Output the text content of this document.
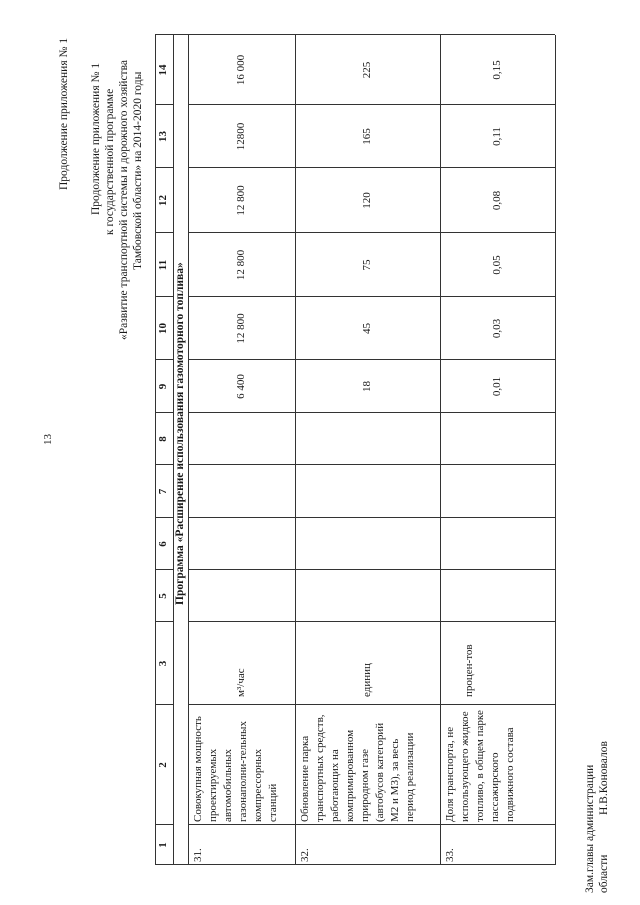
13
Продолжение приложения № 1 Продолжение приложения № 1 к государственной программе «Развитие транспортной системы и дорожного хозяйства Тамбовской области» на 2014-2020 годы
1
2
3
5
6
7
8
9
10
11
12
13
14
Программа «Расширение использования газомоторного топлива»
31.
Совокупная мощность проектируемых автомобильных газонаполни-тельных компрессорных станций
м³/час
6 400
12 800
12 800
12 800
12800
16 000
32.
Обновление парка транспортных средств, работающих на компримированном природном газе (автобусов категорий М2 и М3), за весь период реализации
единиц
18
45
75
120
165
225
33.
Доля транспорта, не использующего жидкое топливо, в общем парке пассажирского подвижного состава
процен-тов
0,01
0,03
0,05
0,08
0,11
0,15
Зам.главы администрации области
Н.В.Коновалов
